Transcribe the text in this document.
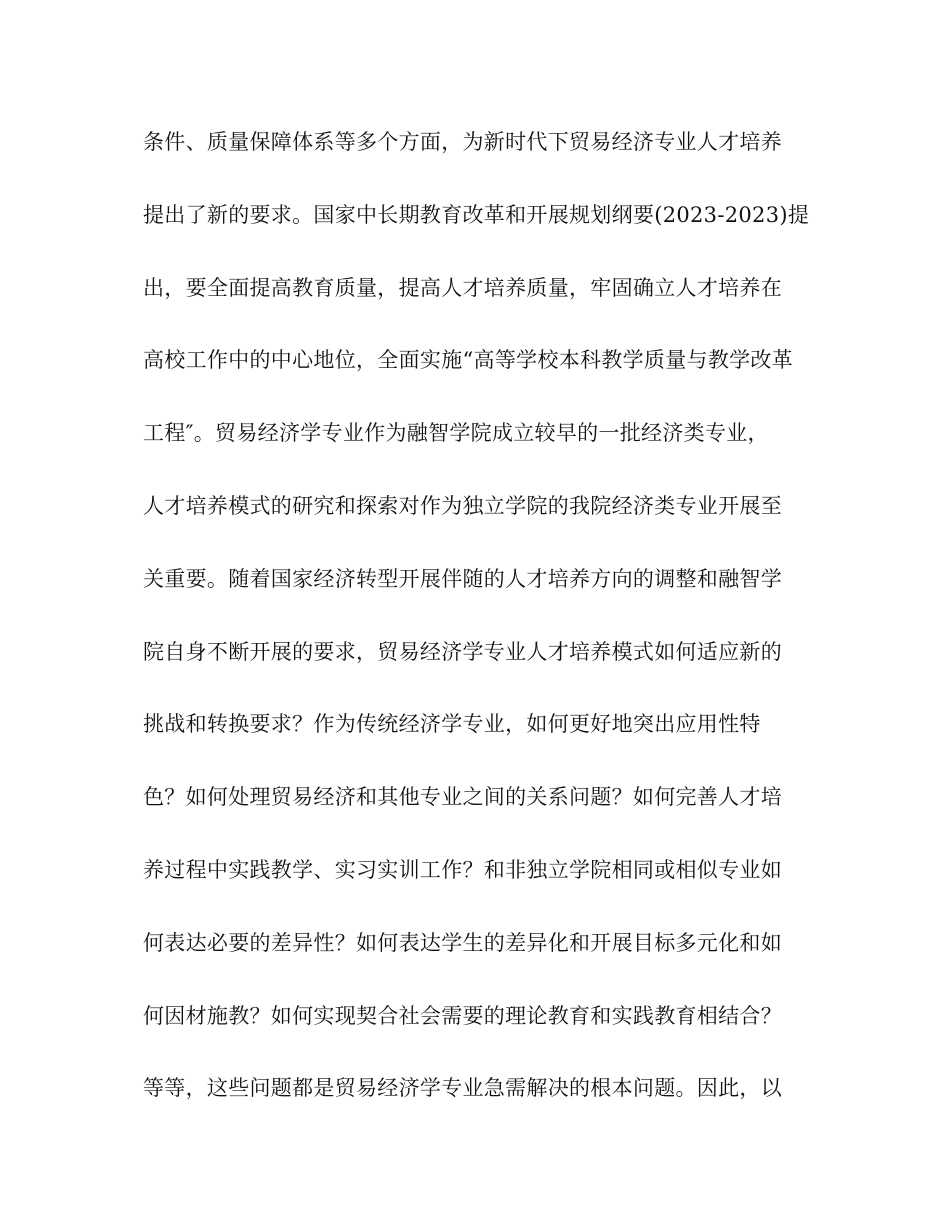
条件、质量保障体系等多个方面，为新时代下贸易经济专业人才培养
提出了新的要求。国家中长期教育改革和开展规划纲要(2023-2023)提
出，要全面提高教育质量，提高人才培养质量，牢固确立人才培养在
高校工作中的中心地位，全面实施“高等学校本科教学质量与教学改革
工程″。贸易经济学专业作为融智学院成立较早的一批经济类专业，
人才培养模式的研究和探索对作为独立学院的我院经济类专业开展至
关重要。随着国家经济转型开展伴随的人才培养方向的调整和融智学
院自身不断开展的要求，贸易经济学专业人才培养模式如何适应新的
挑战和转换要求？作为传统经济学专业，如何更好地突出应用性特
色？如何处理贸易经济和其他专业之间的关系问题？如何完善人才培
养过程中实践教学、实习实训工作？和非独立学院相同或相似专业如
何表达必要的差异性？如何表达学生的差异化和开展目标多元化和如
何因材施教？如何实现契合社会需要的理论教育和实践教育相结合？
等等，这些问题都是贸易经济学专业急需解决的根本问题。因此，以
